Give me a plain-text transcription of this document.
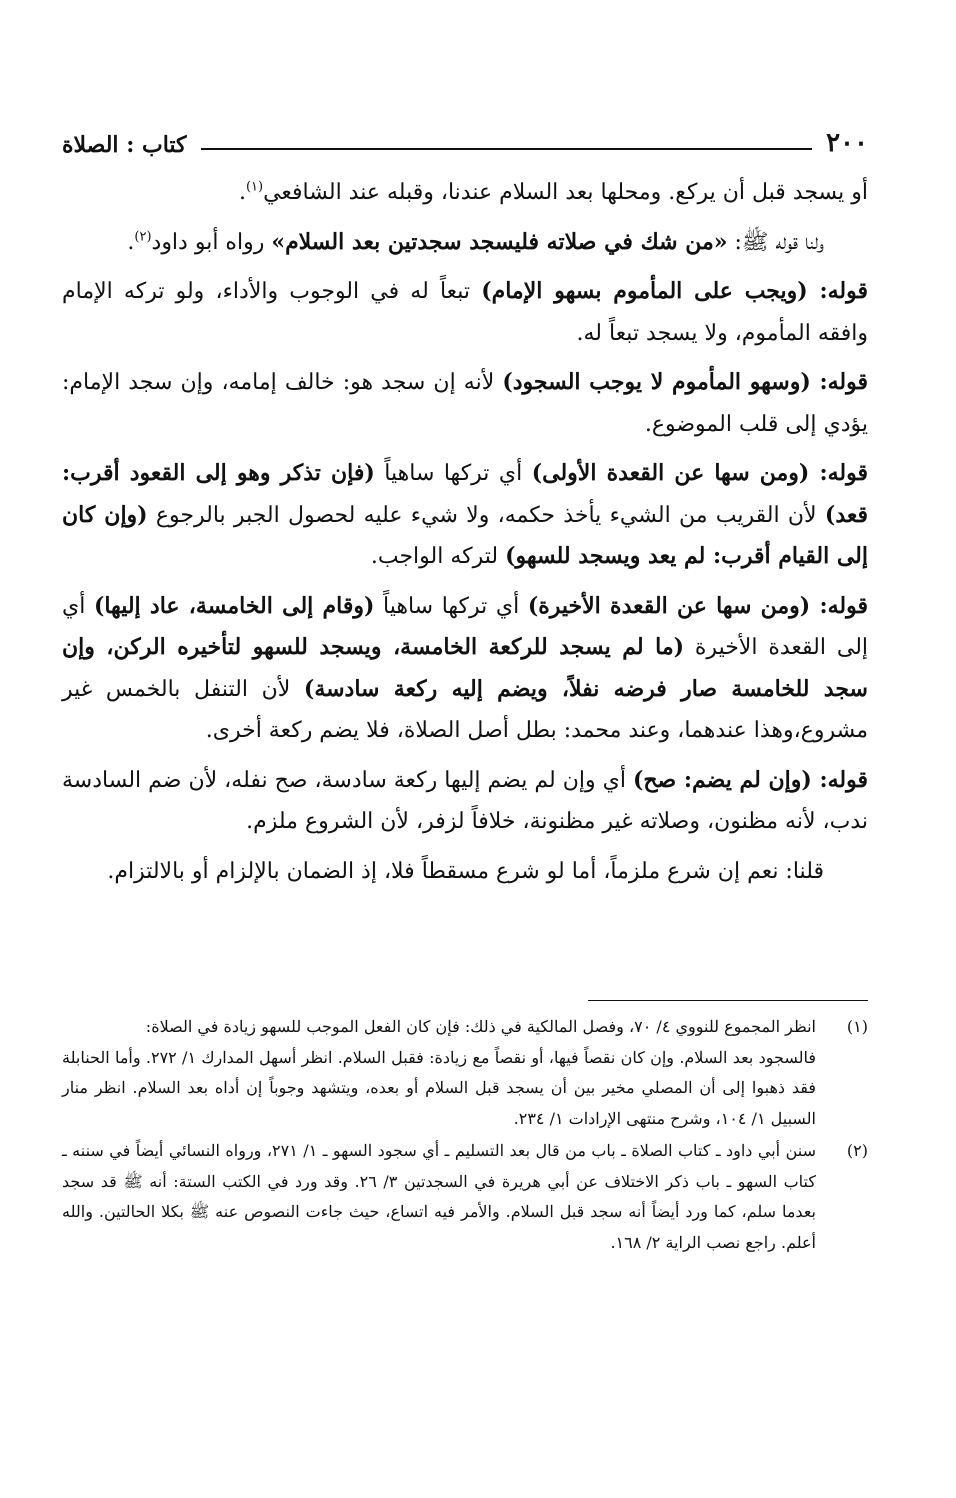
٢٠٠
كتاب : الصلاة

أو يسجد قبل أن يركع. ومحلها بعد السلام عندنا، وقبله عند الشافعي$^{(١)}$.

ولنا قوله ﷺ: «من شك في صلاته فليسجد سجدتين بعد السلام» رواه أبو داود$^{(٢)}$.

قوله: (ويجب على المأموم بسهو الإمام) تبعاً له في الوجوب والأداء، ولو تركه الإمام وافقه المأموم، ولا يسجد تبعاً له.

قوله: (وسهو المأموم لا يوجب السجود) لأنه إن سجد هو: خالف إمامه، وإن سجد الإمام: يؤدي إلى قلب الموضوع.

قوله: (ومن سها عن القعدة الأولى) أي تركها ساهياً (فإن تذكر وهو إلى القعود أقرب: قعد) لأن القريب من الشيء يأخذ حكمه، ولا شيء عليه لحصول الجبر بالرجوع (وإن كان إلى القيام أقرب: لم يعد ويسجد للسهو) لتركه الواجب.

قوله: (ومن سها عن القعدة الأخيرة) أي تركها ساهياً (وقام إلى الخامسة، عاد إليها) أي إلى القعدة الأخيرة (ما لم يسجد للركعة الخامسة، ويسجد للسهو لتأخيره الركن، وإن سجد للخامسة صار فرضه نفلاً، ويضم إليه ركعة سادسة) لأن التنفل بالخمس غير مشروع،وهذا عندهما، وعند محمد: بطل أصل الصلاة، فلا يضم ركعة أخرى.

قوله: (وإن لم يضم: صح) أي وإن لم يضم إليها ركعة سادسة، صح نفله، لأن ضم السادسة ندب، لأنه مظنون، وصلاته غير مظنونة، خلافاً لزفر، لأن الشروع ملزم.

قلنا: نعم إن شرع ملزماً، أما لو شرع مسقطاً فلا، إذ الضمان بالإلزام أو بالالتزام.

(١)

انظر المجموع للنووي ٤/ ٧٠، وفصل المالكية في ذلك: فإن كان الفعل الموجب للسهو زيادة في الصلاة:

فالسجود بعد السلام. وإن كان نقصاً فيها، أو نقصاً مع زيادة: فقبل السلام. انظر أسهل المدارك ١/ ٢٧٢. وأما الحنابلة فقد ذهبوا إلى أن المصلي مخير بين أن يسجد قبل السلام أو بعده، ويتشهد وجوباً إن أداه بعد السلام. انظر منار السبيل ١/ ١٠٤، وشرح منتهى الإرادات ١/ ٢٣٤.

(٢)

سنن أبي داود ـ كتاب الصلاة ـ باب من قال بعد التسليم ـ أي سجود السهو ـ ١/ ٢٧١، ورواه النسائي أيضاً في سننه ـ كتاب السهو ـ باب ذكر الاختلاف عن أبي هريرة في السجدتين ٣/ ٢٦. وقد ورد في الكتب الستة: أنه ﷺ قد سجد بعدما سلم، كما ورد أيضاً أنه سجد قبل السلام. والأمر فيه اتساع، حيث جاءت النصوص عنه ﷺ بكلا الحالتين. والله أعلم. راجع نصب الراية ٢/ ١٦٨.
